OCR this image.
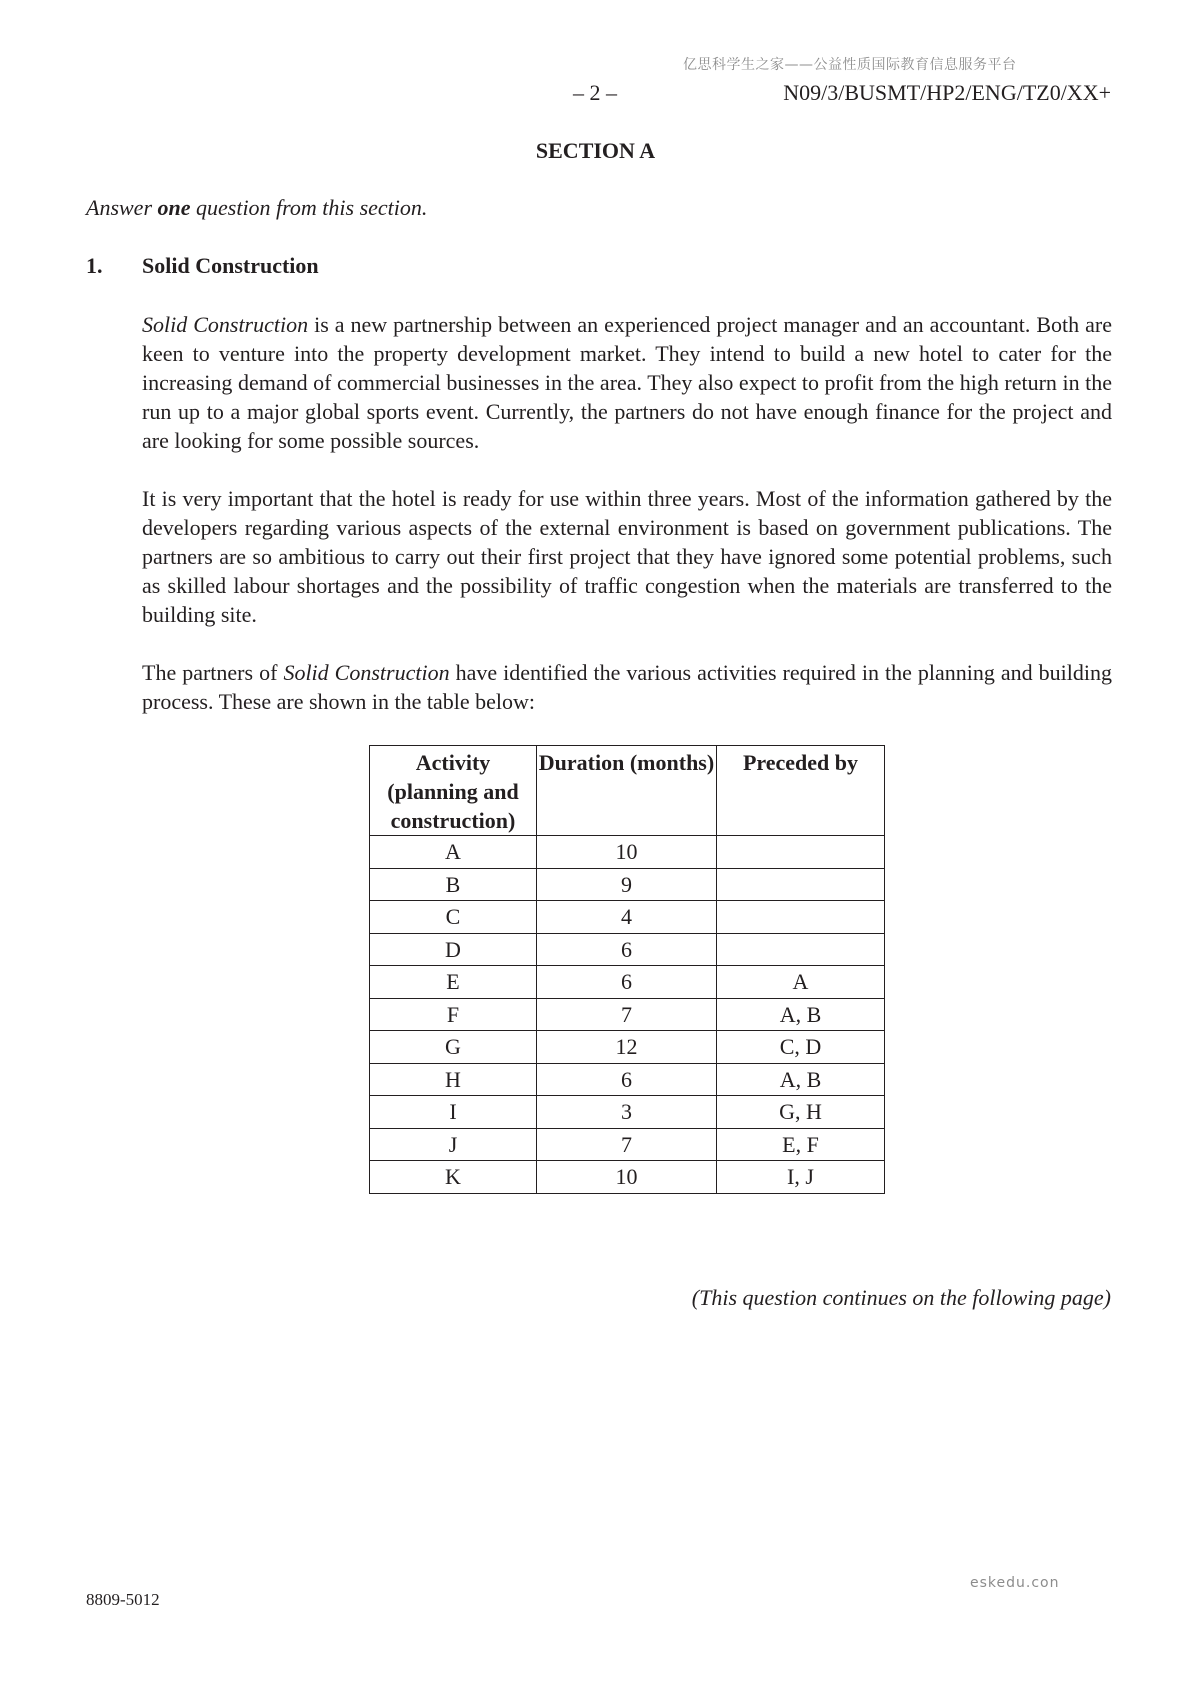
亿思科学生之家——公益性质国际教育信息服务平台
– 2 –	N09/3/BUSMT/HP2/ENG/TZ0/XX+
SECTION A
Answer one question from this section.
1. Solid Construction
Solid Construction is a new partnership between an experienced project manager and an accountant. Both are keen to venture into the property development market. They intend to build a new hotel to cater for the increasing demand of commercial businesses in the area. They also expect to profit from the high return in the run up to a major global sports event. Currently, the partners do not have enough finance for the project and are looking for some possible sources.
It is very important that the hotel is ready for use within three years. Most of the information gathered by the developers regarding various aspects of the external environment is based on government publications. The partners are so ambitious to carry out their first project that they have ignored some potential problems, such as skilled labour shortages and the possibility of traffic congestion when the materials are transferred to the building site.
The partners of Solid Construction have identified the various activities required in the planning and building process. These are shown in the table below:
Activity (planning and construction)	Duration (months)	Preceded by
A	10	
B	9	
C	4	
D	6	
E	6	A
F	7	A, B
G	12	C, D
H	6	A, B
I	3	G, H
J	7	E, F
K	10	I, J
(This question continues on the following page)
8809-5012
eskedu.con
